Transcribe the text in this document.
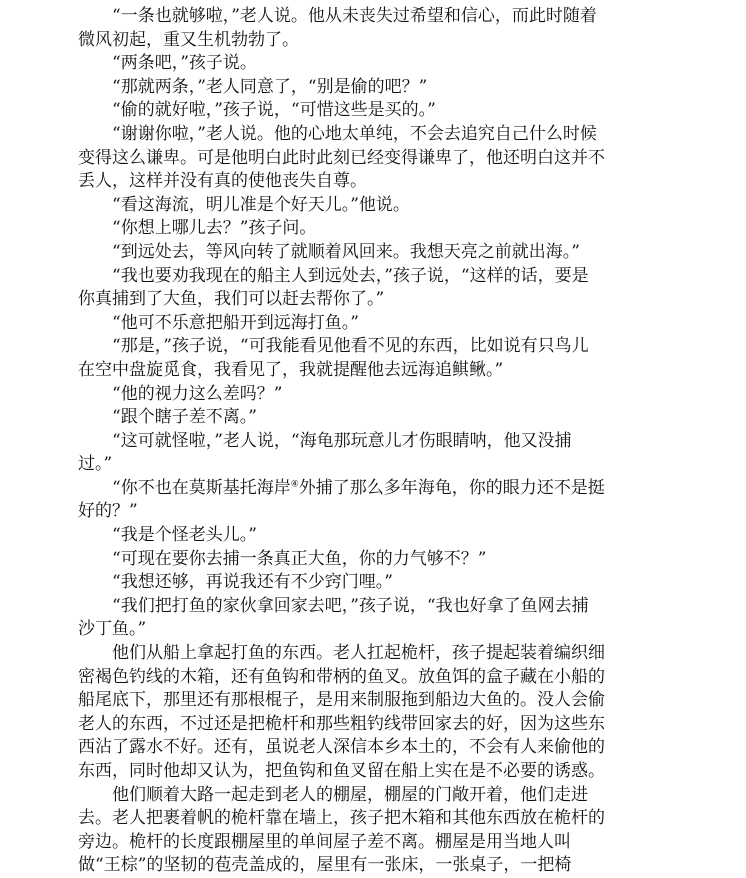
“一条也就够啦，”老人说。他从未丧失过希望和信心，而此时随着
微风初起，重又生机勃勃了。

“两条吧，”孩子说。

“那就两条，”老人同意了，“别是偷的吧？”

“偷的就好啦，”孩子说，“可惜这些是买的。”

“谢谢你啦，”老人说。他的心地太单纯，不会去追究自己什么时候
变得这么谦卑。可是他明白此时此刻已经变得谦卑了，他还明白这并不
丢人，这样并没有真的使他丧失自尊。

“看这海流，明儿准是个好天儿。”他说。

“你想上哪儿去？”孩子问。

“到远处去，等风向转了就顺着风回来。我想天亮之前就出海。”

“我也要劝我现在的船主人到远处去，”孩子说，“这样的话，要是
你真捕到了大鱼，我们可以赶去帮你了。”

“他可不乐意把船开到远海打鱼。”

“那是，”孩子说，“可我能看见他看不见的东西，比如说有只鸟儿
在空中盘旋觅食，我看见了，我就提醒他去远海追鲯鳅。”

“他的视力这么差吗？”

“跟个瞎子差不离。”

“这可就怪啦，”老人说，“海龟那玩意儿才伤眼睛呐，他又没捕
过。”

“你不也在莫斯基托海岸④外捕了那么多年海龟，你的眼力还不是挺
好的？”

“我是个怪老头儿。”

“可现在要你去捕一条真正大鱼，你的力气够不？”

“我想还够，再说我还有不少窍门哩。”

“我们把打鱼的家伙拿回家去吧，”孩子说，“我也好拿了鱼网去捕
沙丁鱼。”

他们从船上拿起打鱼的东西。老人扛起桅杆，孩子提起装着编织细
密褐色钓线的木箱，还有鱼钩和带柄的鱼叉。放鱼饵的盒子藏在小船的
船尾底下，那里还有那根棍子，是用来制服拖到船边大鱼的。没人会偷
老人的东西，不过还是把桅杆和那些粗钓线带回家去的好，因为这些东
西沾了露水不好。还有，虽说老人深信本乡本土的，不会有人来偷他的
东西，同时他却又认为，把鱼钩和鱼叉留在船上实在是不必要的诱惑。

他们顺着大路一起走到老人的棚屋，棚屋的门敞开着，他们走进
去。老人把裹着帆的桅杆靠在墙上，孩子把木箱和其他东西放在桅杆的
旁边。桅杆的长度跟棚屋里的单间屋子差不离。棚屋是用当地人叫
做“王棕”的坚韧的苞壳盖成的，屋里有一张床，一张桌子，一把椅
